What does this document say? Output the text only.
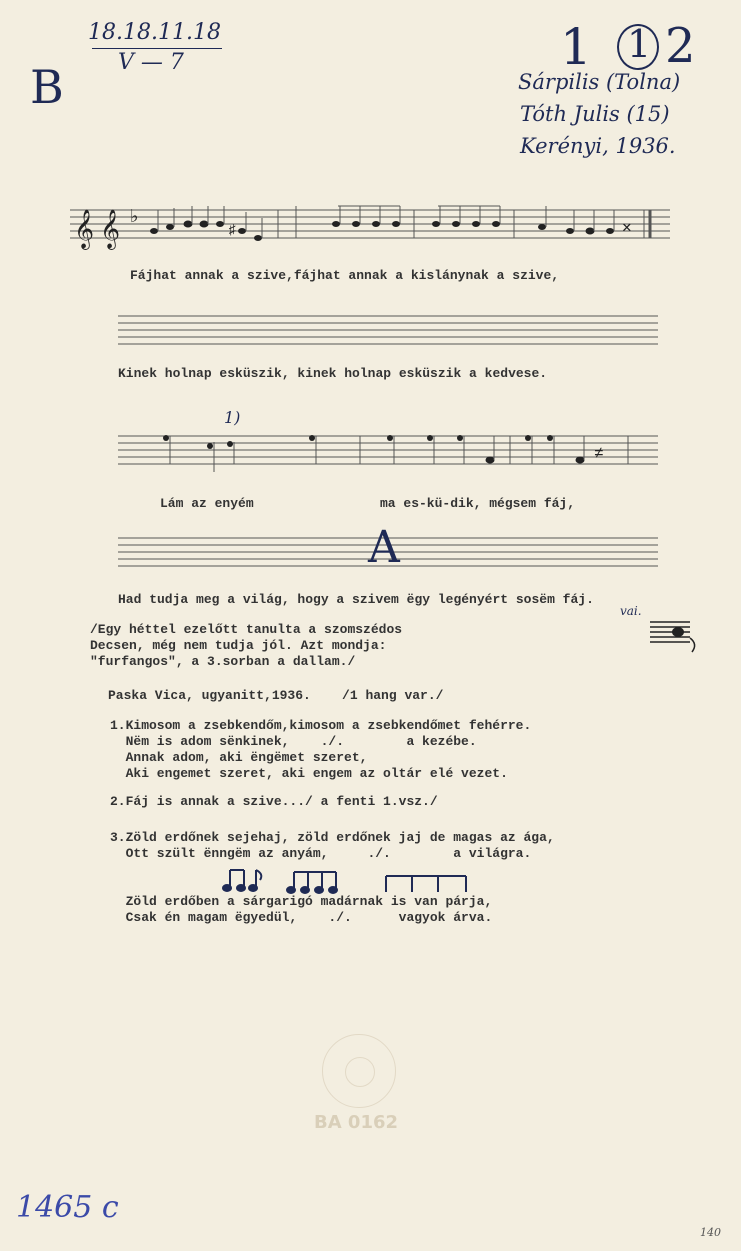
18.18.11.18
V — 7
B
1 1 2
Sárpilis (Tolna)
Tóth Julis (15)
Kerényi, 1936.
𝄞 𝄞 ♭
♯	✕
Fájhat annak a szive,fájhat annak a kislánynak a szive,
Kinek holnap esküszik, kinek holnap esküszik a kedvese.
1)
≠
Lám az enyém	ma es-kü-dik, mégsem fáj,
A
Had tudja meg a világ, hogy a szivem ëgy legényért sosëm fáj.
vai.
/Egy héttel ezelőtt tanulta a szomszédos
Decsen, még nem tudja jól. Azt mondja:
"furfangos", a 3.sorban a dallam./
Paska Vica, ugyanitt,1936.    /1 hang var./
1.Kimosom a zsebkendőm,kimosom a zsebkendőmet fehérre.
Nëm is adom sënkinek,    ./.        a kezébe.
Annak adom, aki ëngëmet szeret,
Aki engemet szeret, aki engem az oltár elé vezet.
2.Fáj is annak a szive.../ a fenti 1.vsz./
3.Zöld erdőnek sejehaj, zöld erdőnek jaj de magas az ága,
Ott szült ënngëm az anyám,     ./.        a világra.
Zöld erdőben a sárgarigó madárnak is van párja,
Csak én magam ëgyedül,    ./.      vagyok árva.
BA 0162
1465 c
140
